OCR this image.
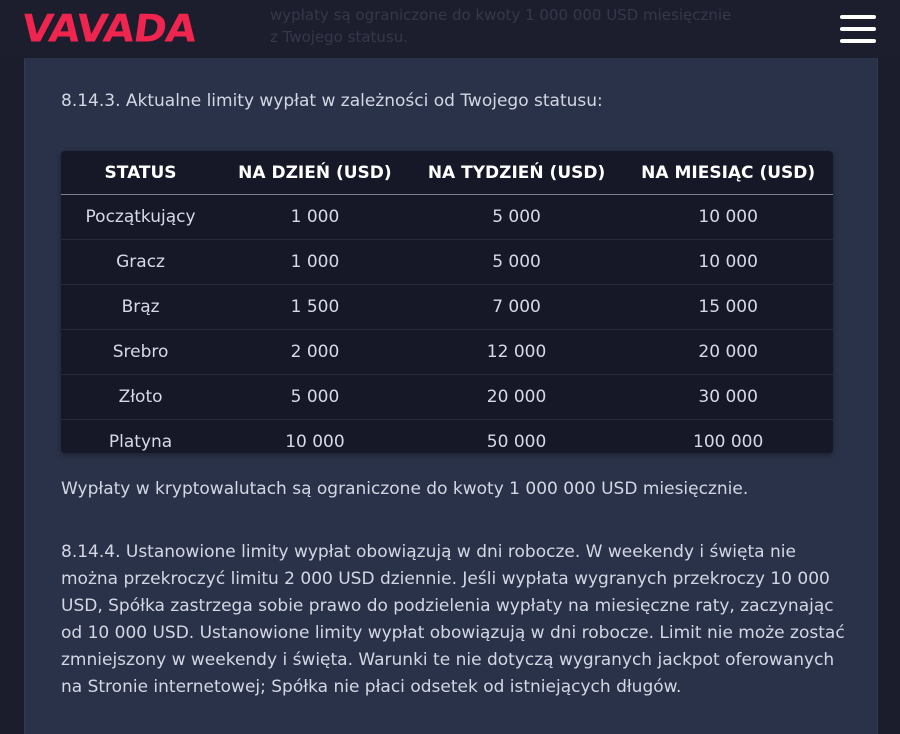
wypłaty są ograniczone do kwoty 1 000 000 USD miesięcznie
z Twojego statusu.
VAVADA
8.14.3. Aktualne limity wypłat w zależności od Twojego statusu:
STATUS	NA DZIEŃ (USD)	NA TYDZIEŃ (USD)	NA MIESIĄC (USD)
Początkujący	1 000	5 000	10 000
Gracz	1 000	5 000	10 000
Brąz	1 500	7 000	15 000
Srebro	2 000	12 000	20 000
Złoto	5 000	20 000	30 000
Platyna	10 000	50 000	100 000
Wypłaty w kryptowalutach są ograniczone do kwoty 1 000 000 USD miesięcznie.
8.14.4. Ustanowione limity wypłat obowiązują w dni robocze. W weekendy i święta nie można przekroczyć limitu 2 000 USD dziennie. Jeśli wypłata wygranych przekroczy 10 000 USD, Spółka zastrzega sobie prawo do podzielenia wypłaty na miesięczne raty, zaczynając od 10 000 USD. Ustanowione limity wypłat obowiązują w dni robocze. Limit nie może zostać zmniejszony w weekendy i święta. Warunki te nie dotyczą wygranych jackpot oferowanych na Stronie internetowej; Spółka nie płaci odsetek od istniejących długów.
